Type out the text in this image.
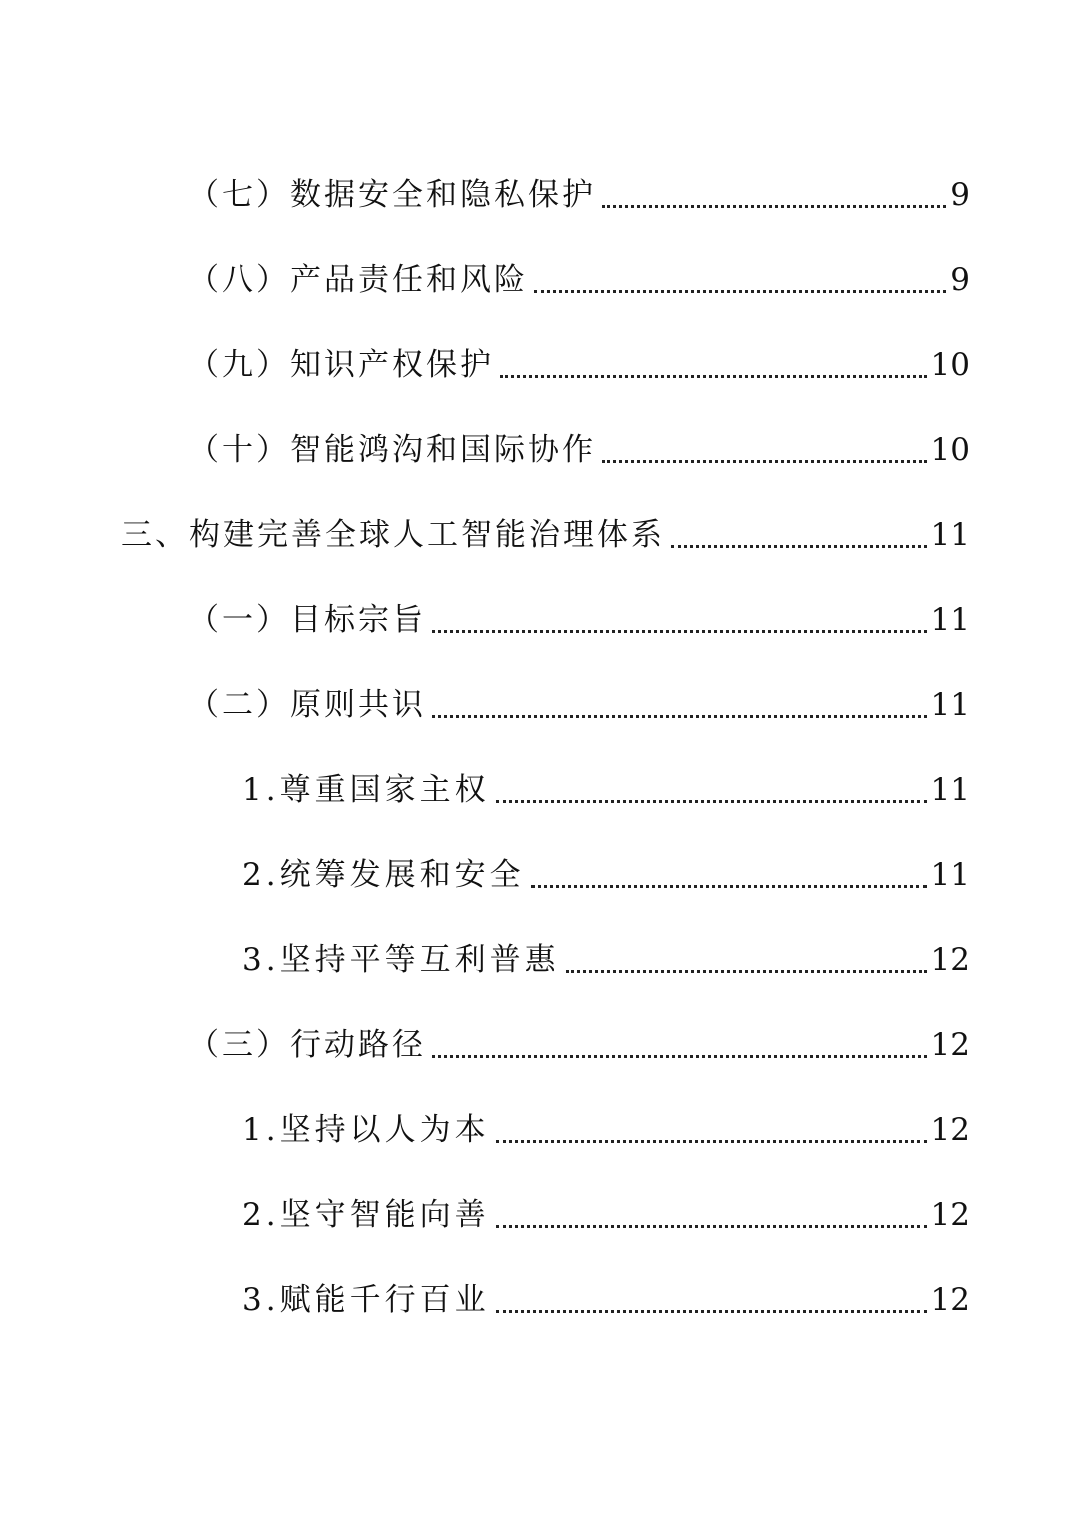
（七）数据安全和隐私保护	9
（八）产品责任和风险	9
（九）知识产权保护	10
（十）智能鸿沟和国际协作	10
三、构建完善全球人工智能治理体系	11
（一）目标宗旨	11
（二）原则共识	11
1.尊重国家主权	11
2.统筹发展和安全	11
3.坚持平等互利普惠	12
（三）行动路径	12
1.坚持以人为本	12
2.坚守智能向善	12
3.赋能千行百业	12
